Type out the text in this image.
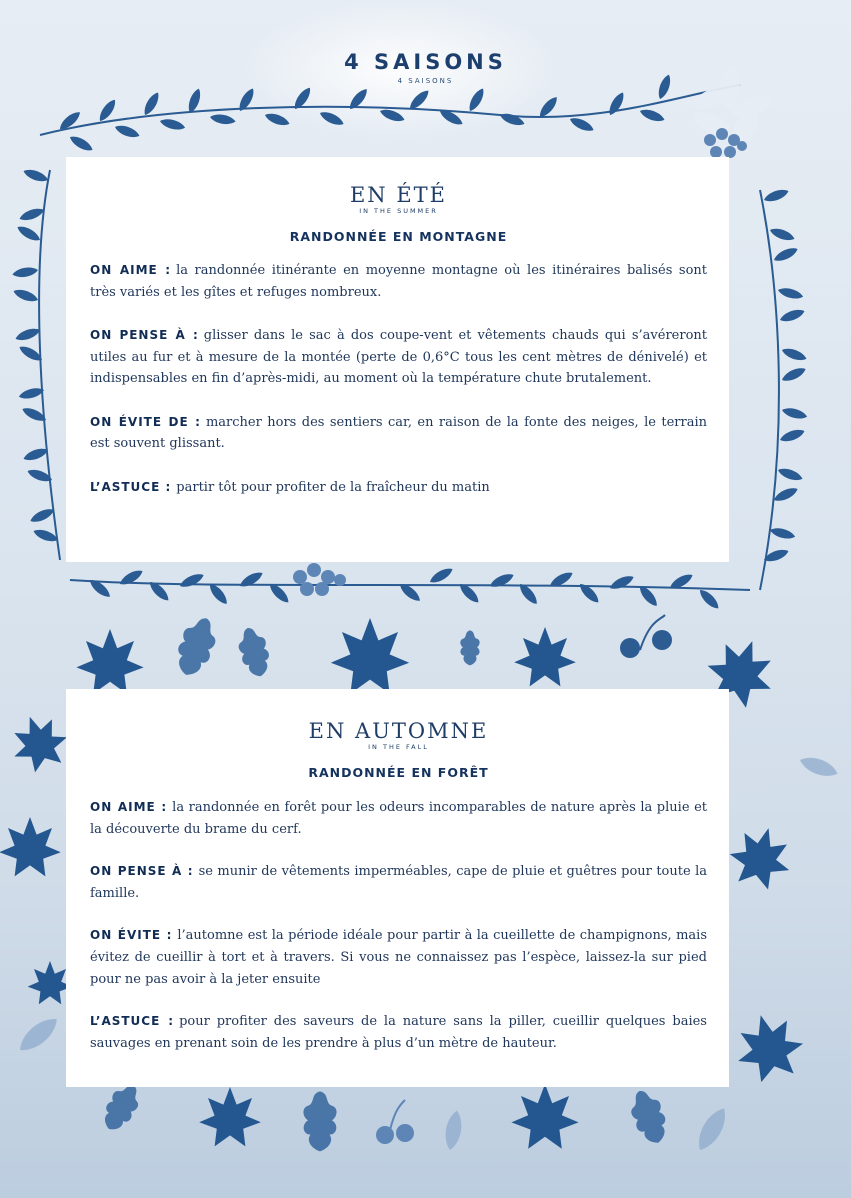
4 SAISONS
4 SAISONS
EN ÉTÉ
IN THE SUMMER
RANDONNÉE EN MONTAGNE

ON AIME : la randonnée itinérante en moyenne montagne où les itinéraires balisés sont très variés et les gîtes et refuges nombreux.

ON PENSE À : glisser dans le sac à dos coupe-vent et vêtements chauds qui s’avéreront utiles au fur et à mesure de la montée (perte de 0,6°C tous les cent mètres de dénivelé) et indispensables en fin d’après-midi, au moment où la température chute brutalement.

ON ÉVITE DE : marcher hors des sentiers car, en raison de la fonte des neiges, le terrain est souvent glissant.

L’ASTUCE : partir tôt pour profiter de la fraîcheur du matin

EN AUTOMNE
IN THE FALL
RANDONNÉE EN FORÊT

ON AIME : la randonnée en forêt pour les odeurs incomparables de nature après la pluie et la découverte du brame du cerf.

ON PENSE À : se munir de vêtements imperméables, cape de pluie et guêtres pour toute la famille.

ON ÉVITE : l’automne est la période idéale pour partir à la cueillette de champignons, mais évitez de cueillir à tort et à travers. Si vous ne connaissez pas l’espèce, laissez-la sur pied pour ne pas avoir à la jeter ensuite

L’ASTUCE : pour profiter des saveurs de la nature sans la piller, cueillir quelques baies sauvages en prenant soin de les prendre à plus d’un mètre de hauteur.
